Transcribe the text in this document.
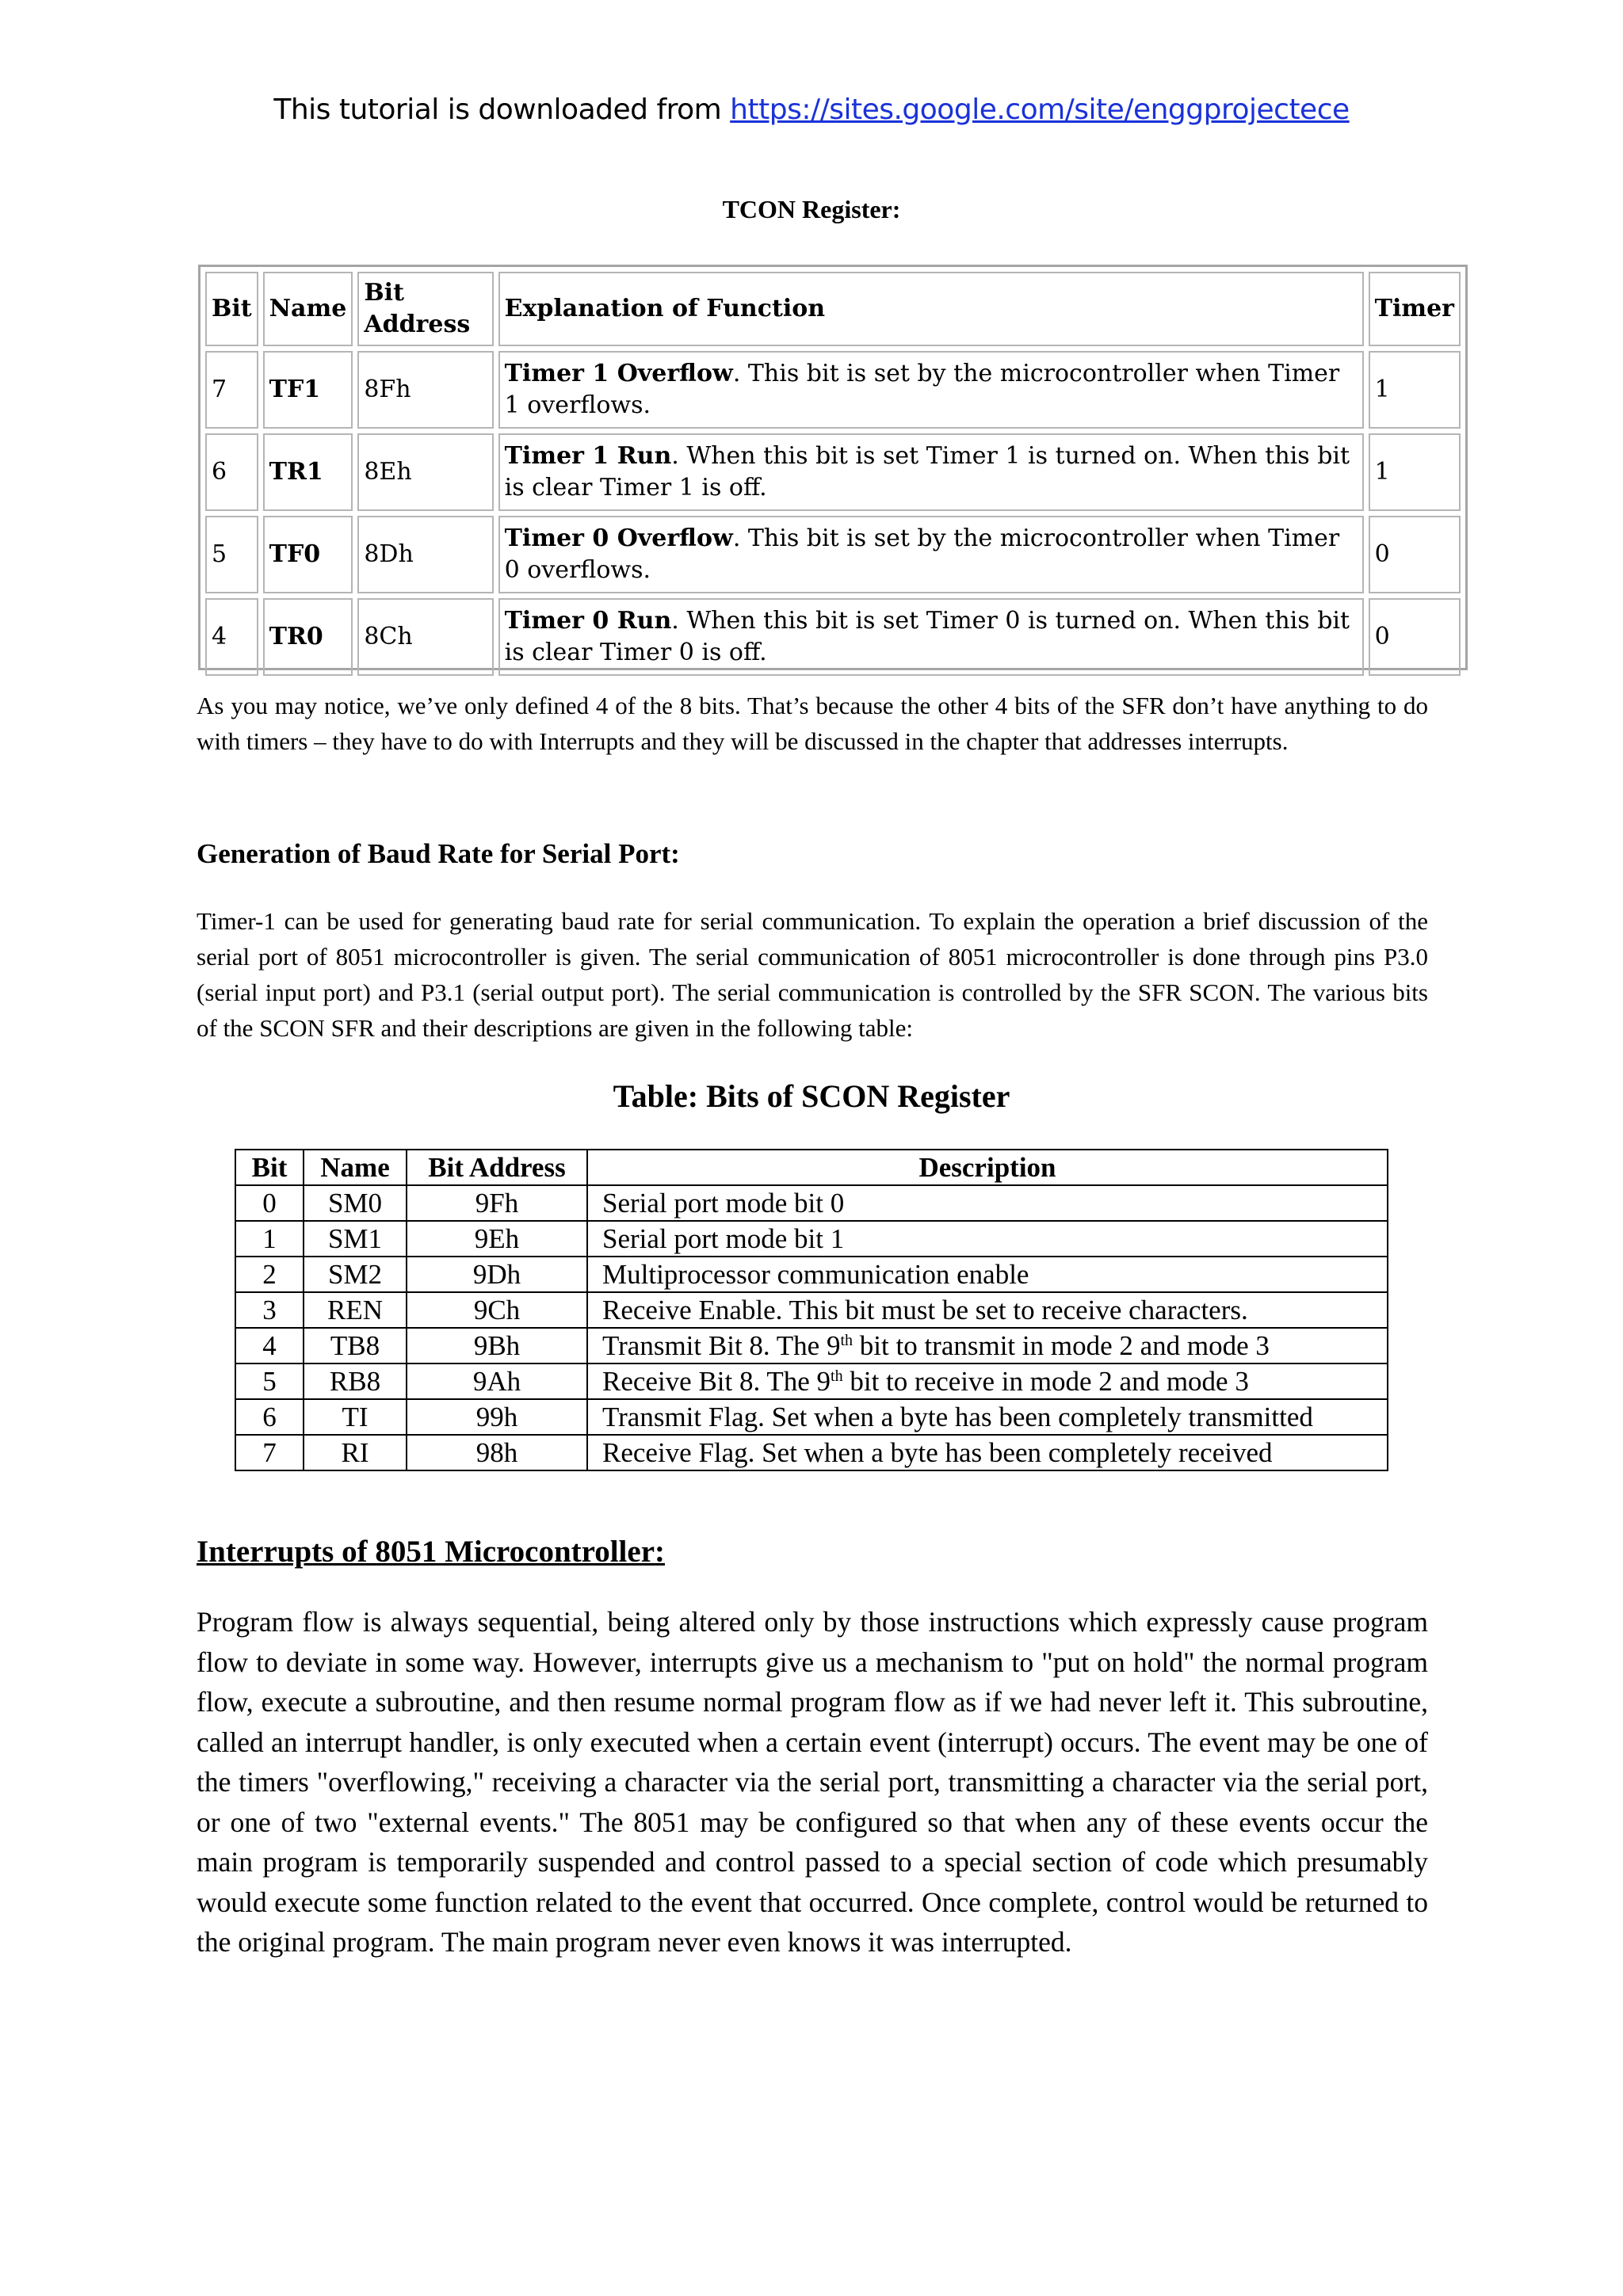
This tutorial is downloaded from https://sites.google.com/site/enggprojectece
TCON Register:
Bit	Name	Bit Address	Explanation of Function	Timer
7	TF1	8Fh	Timer 1 Overflow. This bit is set by the microcontroller when Timer 1 overflows.	1
6	TR1	8Eh	Timer 1 Run. When this bit is set Timer 1 is turned on. When this bit is clear Timer 1 is off.	1
5	TF0	8Dh	Timer 0 Overflow. This bit is set by the microcontroller when Timer 0 overflows.	0
4	TR0	8Ch	Timer 0 Run. When this bit is set Timer 0 is turned on. When this bit is clear Timer 0 is off.	0

As you may notice, we’ve only defined 4 of the 8 bits. That’s because the other 4 bits of the SFR don’t have anything to do with timers – they have to do with Interrupts and they will be discussed in the chapter that addresses interrupts.

Generation of Baud Rate for Serial Port:

Timer-1 can be used for generating baud rate for serial communication. To explain the operation a brief discussion of the serial port of 8051 microcontroller is given. The serial communication of 8051 microcontroller is done through pins P3.0 (serial input port) and P3.1 (serial output port). The serial communication is controlled by the SFR SCON. The various bits of the SCON SFR and their descriptions are given in the following table:

Table: Bits of SCON Register
Bit	Name	Bit Address	Description
0	SM0	9Fh	Serial port mode bit 0
1	SM1	9Eh	Serial port mode bit 1
2	SM2	9Dh	Multiprocessor communication enable
3	REN	9Ch	Receive Enable. This bit must be set to receive characters.
4	TB8	9Bh	Transmit Bit 8. The 9th bit to transmit in mode 2 and mode 3
5	RB8	9Ah	Receive Bit 8. The 9th bit to receive in mode 2 and mode 3
6	TI	99h	Transmit Flag. Set when a byte has been completely transmitted
7	RI	98h	Receive Flag. Set when a byte has been completely received
Interrupts of 8051 Microcontroller:

Program flow is always sequential, being altered only by those instructions which expressly cause program flow to deviate in some way. However, interrupts give us a mechanism to "put on hold" the normal program flow, execute a subroutine, and then resume normal program flow as if we had never left it. This subroutine, called an interrupt handler, is only executed when a certain event (interrupt) occurs. The event may be one of the timers "overflowing," receiving a character via the serial port, transmitting a character via the serial port, or one of two "external events." The 8051 may be configured so that when any of these events occur the main program is temporarily suspended and control passed to a special section of code which presumably would execute some function related to the event that occurred. Once complete, control would be returned to the original program. The main program never even knows it was interrupted.
